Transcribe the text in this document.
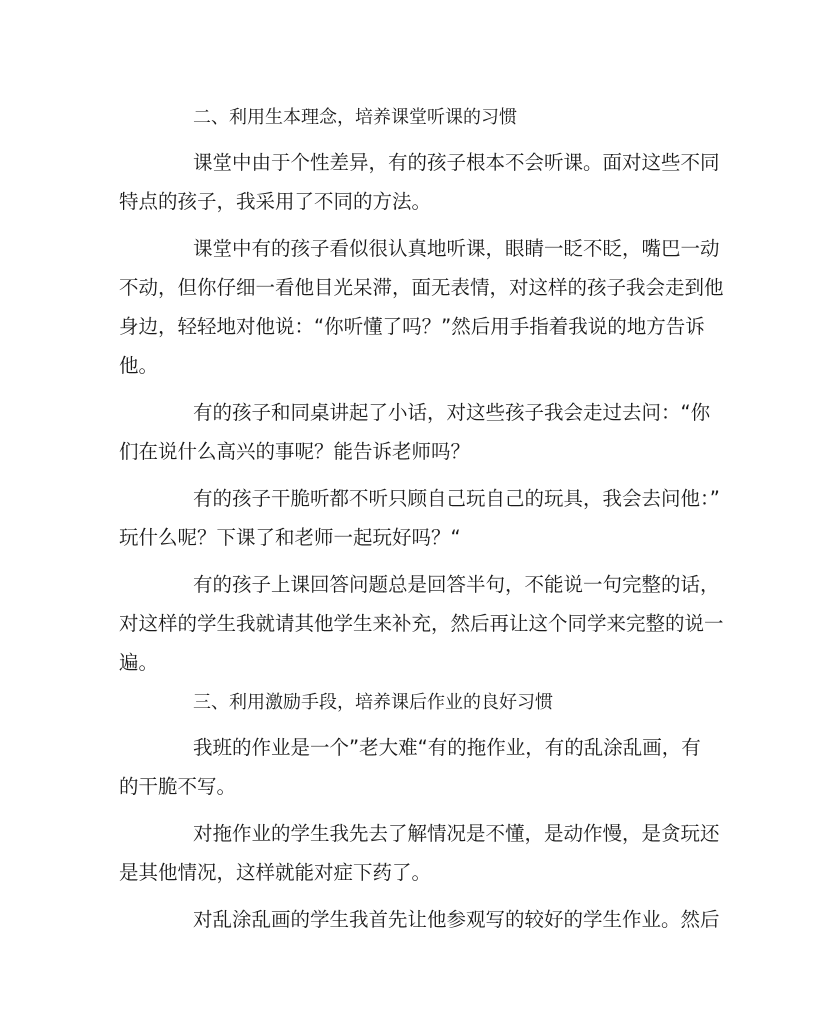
二、利用生本理念，培养课堂听课的习惯
课堂中由于个性差异，有的孩子根本不会听课。面对这些不同
特点的孩子，我采用了不同的方法。
课堂中有的孩子看似很认真地听课，眼睛一眨不眨，嘴巴一动
不动，但你仔细一看他目光呆滞，面无表情，对这样的孩子我会走到他
身边，轻轻地对他说：“你听懂了吗？”然后用手指着我说的地方告诉
他。
有的孩子和同桌讲起了小话，对这些孩子我会走过去问：“你
们在说什么高兴的事呢？能告诉老师吗？
有的孩子干脆听都不听只顾自己玩自己的玩具，我会去问他：”
玩什么呢？下课了和老师一起玩好吗？“
有的孩子上课回答问题总是回答半句，不能说一句完整的话，
对这样的学生我就请其他学生来补充，然后再让这个同学来完整的说一
遍。
三、利用激励手段，培养课后作业的良好习惯
我班的作业是一个”老大难“有的拖作业，有的乱涂乱画，有
的干脆不写。
对拖作业的学生我先去了解情况是不懂，是动作慢，是贪玩还
是其他情况，这样就能对症下药了。
对乱涂乱画的学生我首先让他参观写的较好的学生作业。然后
